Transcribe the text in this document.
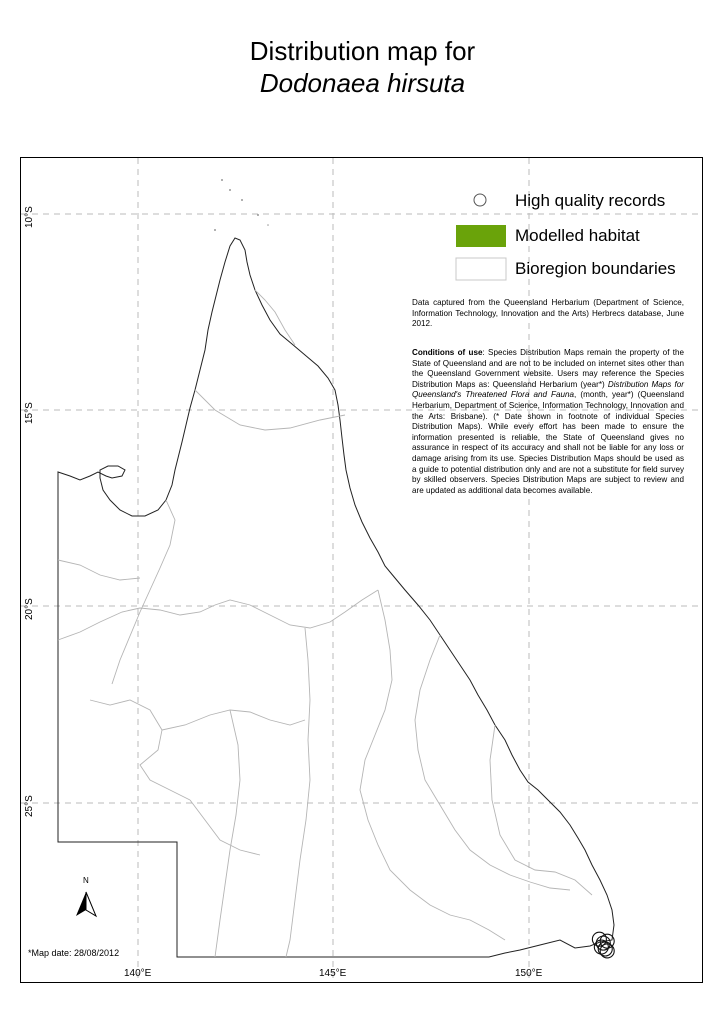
Distribution map for
Dodonaea hirsuta
High quality records
Modelled habitat
Bioregion boundaries
Data captured from the Queensland Herbarium (Department of Science, Information Technology, Innovation and the Arts) Herbrecs database, June 2012.
Conditions of use: Species Distribution Maps remain the property of the State of Queensland and are not to be included on internet sites other than the Queensland Government website. Users may reference the Species Distribution Maps as: Queensland Herbarium (year*) Distribution Maps for Queensland's Threatened Flora and Fauna, (month, year*) (Queensland Herbarium, Department of Science, Information Technology, Innovation and the Arts: Brisbane). (* Date shown in footnote of individual Species Distribution Maps). While every effort has been made to ensure the information presented is reliable, the State of Queensland gives no assurance in respect of its accuracy and shall not be liable for any loss or damage arising from its use. Species Distribution Maps should be used as a guide to potential distribution only and are not a substitute for field survey by skilled observers. Species Distribution Maps are subject to review and are updated as additional data becomes available.
140°E	145°E	150°E
10°S
15°S
20°S
25°S
N
*Map date: 28/08/2012
